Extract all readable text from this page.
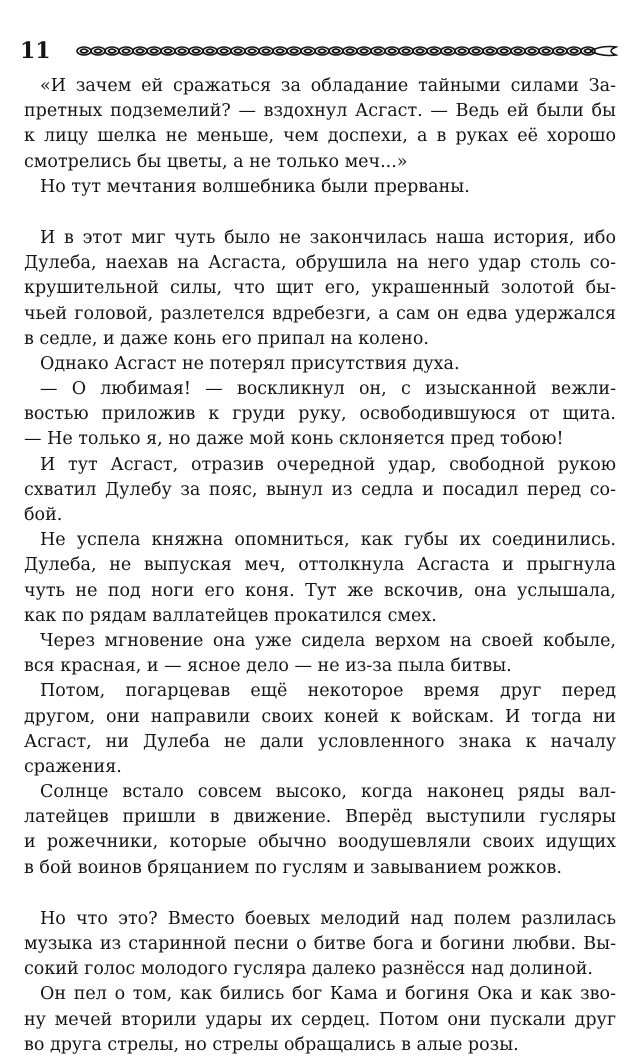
11
«И зачем ей сражаться за обладание тайными силами За-
претных подземелий? — вздохнул Асгаст. — Ведь ей были бы
к лицу шелка не меньше, чем доспехи, а в руках её хорошо
смотрелись бы цветы, а не только меч...»
Но тут мечтания волшебника были прерваны.
И в этот миг чуть было не закончилась наша история, ибо
Дулеба, наехав на Асгаста, обрушила на него удар столь со-
крушительной силы, что щит его, украшенный золотой бы-
чьей головой, разлетелся вдребезги, а сам он едва удержался
в седле, и даже конь его припал на колено.
Однако Асгаст не потерял присутствия духа.
— О любимая! — воскликнул он, с изысканной вежли-
востью приложив к груди руку, освободившуюся от щита.
— Не только я, но даже мой конь склоняется пред тобою!
И тут Асгаст, отразив очередной удар, свободной рукою
схватил Дулебу за пояс, вынул из седла и посадил перед со-
бой.
Не успела княжна опомниться, как губы их соединились.
Дулеба, не выпуская меч, оттолкнула Асгаста и прыгнула
чуть не под ноги его коня. Тут же вскочив, она услышала,
как по рядам валлатейцев прокатился смех.
Через мгновение она уже сидела верхом на своей кобыле,
вся красная, и — ясное дело — не из-за пыла битвы.
Потом, погарцевав ещё некоторое время друг перед
другом, они направили своих коней к войскам. И тогда ни
Асгаст, ни Дулеба не дали условленного знака к началу
сражения.
Солнце встало совсем высоко, когда наконец ряды вал-
латейцев пришли в движение. Вперёд выступили гусляры
и рожечники, которые обычно воодушевляли своих идущих
в бой воинов бряцанием по гуслям и завыванием рожков.
Но что это? Вместо боевых мелодий над полем разлилась
музыка из старинной песни о битве бога и богини любви. Вы-
сокий голос молодого гусляра далеко разнёсся над долиной.
Он пел о том, как бились бог Кама и богиня Ока и как зво-
ну мечей вторили удары их сердец. Потом они пускали друг
во друга стрелы, но стрелы обращались в алые розы.
